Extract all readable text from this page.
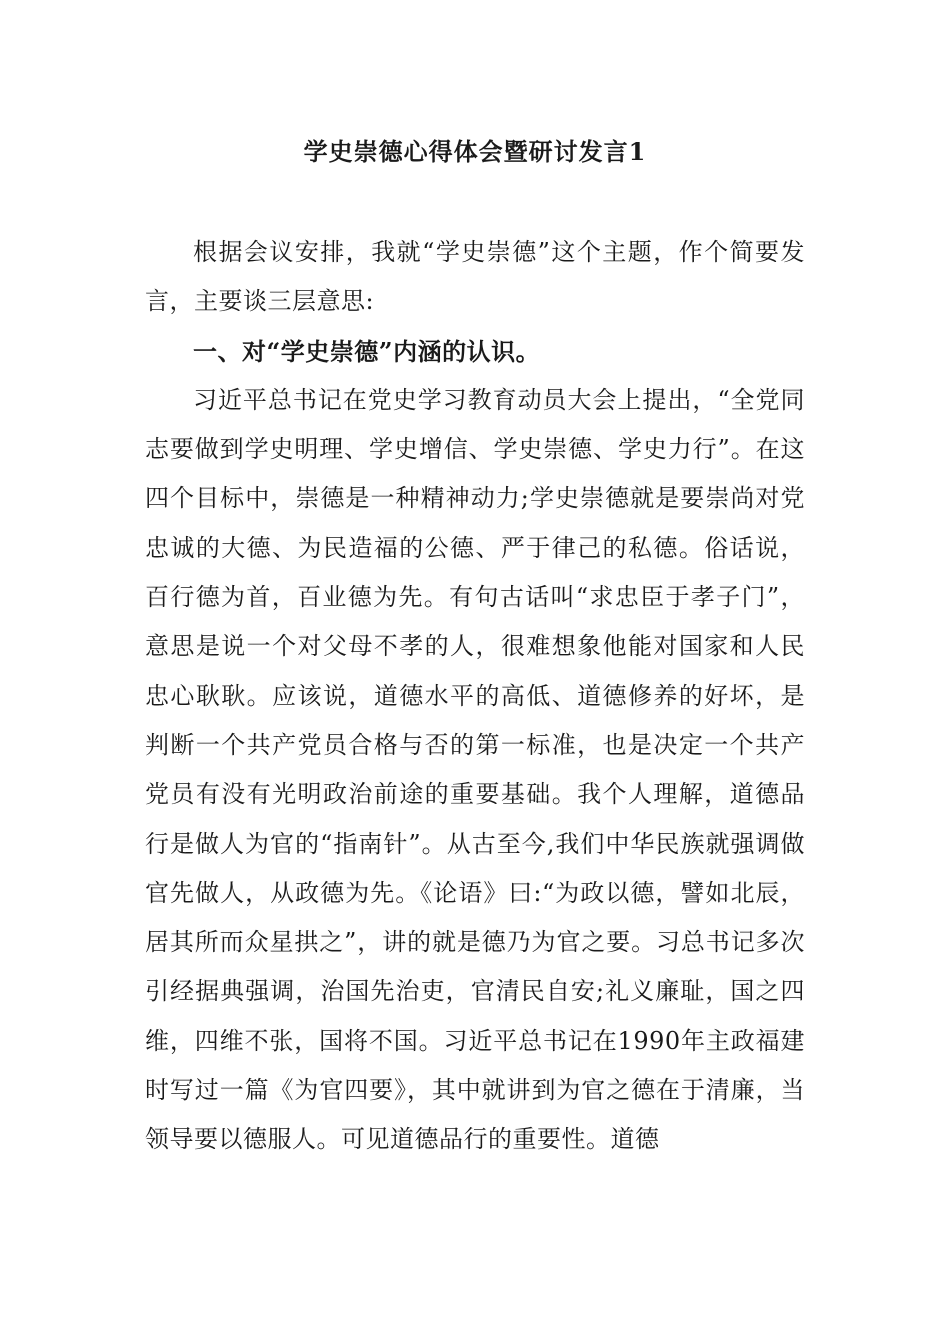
学史崇德心得体会暨研讨发言1

根据会议安排，我就“学史崇德”这个主题，作个简要发言，主要谈三层意思:

一、对“学史崇德”内涵的认识。

习近平总书记在党史学习教育动员大会上提出，“全党同志要做到学史明理、学史增信、学史崇德、学史力行”。在这四个目标中，崇德是一种精神动力;学史崇德就是要崇尚对党忠诚的大德、为民造福的公德、严于律己的私德。俗话说，百行德为首，百业德为先。有句古话叫“求忠臣于孝子门”，意思是说一个对父母不孝的人，很难想象他能对国家和人民忠心耿耿。应该说，道德水平的高低、道德修养的好坏，是判断一个共产党员合格与否的第一标准，也是决定一个共产党员有没有光明政治前途的重要基础。我个人理解，道德品行是做人为官的“指南针”。从古至今,我们中华民族就强调做官先做人，从政德为先。《论语》曰:“为政以德，譬如北辰，居其所而众星拱之”，讲的就是德乃为官之要。习总书记多次引经据典强调，治国先治吏，官清民自安;礼义廉耻，国之四维，四维不张，国将不国。习近平总书记在1990年主政福建时写过一篇《为官四要》，其中就讲到为官之德在于清廉，当领导要以德服人。可见道德品行的重要性。道德
